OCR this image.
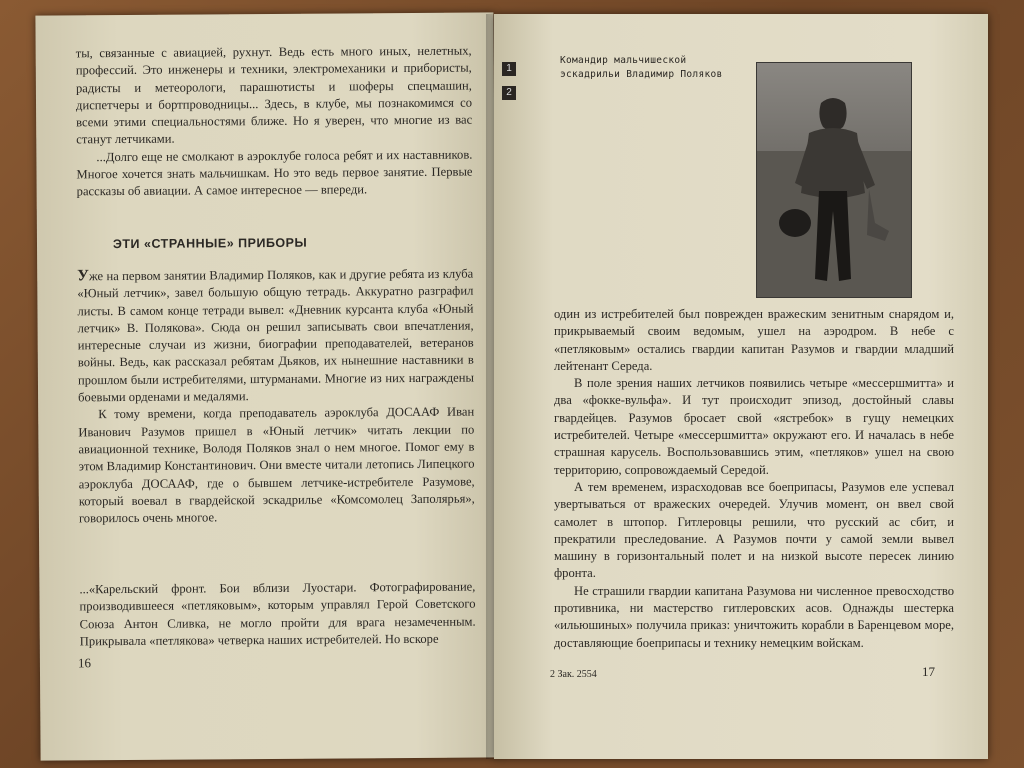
ты, связанные с авиацией, рухнут. Ведь есть много иных, нелетных, профессий. Это инженеры и техники, электромеханики и прибористы, радисты и метеорологи, парашютисты и шоферы спецмашин, диспетчеры и бортпроводницы... Здесь, в клубе, мы познакомимся со всеми этими специальностями ближе. Но я уверен, что многие из вас станут летчиками.

...Долго еще не смолкают в аэроклубе голоса ребят и их наставников. Многое хочется знать мальчишкам. Но это ведь первое занятие. Первые рассказы об авиации. А самое интересное — впереди.

ЭТИ «СТРАННЫЕ» ПРИБОРЫ

Уже на первом занятии Владимир Поляков, как и другие ребята из клуба «Юный летчик», завел большую общую тетрадь. Аккуратно разграфил листы. В самом конце тетради вывел: «Дневник курсанта клуба «Юный летчик» В. Полякова». Сюда он решил записывать свои впечатления, интересные случаи из жизни, биографии преподавателей, ветеранов войны. Ведь, как рассказал ребятам Дьяков, их нынешние наставники в прошлом были истребителями, штурманами. Многие из них награждены боевыми орденами и медалями.

К тому времени, когда преподаватель аэроклуба ДОСААФ Иван Иванович Разумов пришел в «Юный летчик» читать лекции по авиационной технике, Володя Поляков знал о нем многое. Помог ему в этом Владимир Константинович. Они вместе читали летопись Липецкого аэроклуба ДОСААФ, где о бывшем летчике-истребителе Разумове, который воевал в гвардейской эскадрилье «Комсомолец Заполярья», говорилось очень многое.

...«Карельский фронт. Бои вблизи Луостари. Фотографирование, производившееся «петляковым», которым управлял Герой Советского Союза Антон Сливка, не могло пройти для врага незамеченным. Прикрывала «петлякова» четверка наших истребителей. Но вскоре

16
1
2
Командир мальчишеской эскадрильи Владимир Поляков

один из истребителей был поврежден вражеским зенитным снарядом и, прикрываемый своим ведомым, ушел на аэродром. В небе с «петляковым» остались гвардии капитан Разумов и гвардии младший лейтенант Середа.

В поле зрения наших летчиков появились четыре «мессершмитта» и два «фокке-вульфа». И тут происходит эпизод, достойный славы гвардейцев. Разумов бросает свой «ястребок» в гущу немецких истребителей. Четыре «мессершмитта» окружают его. И началась в небе страшная карусель. Воспользовавшись этим, «петляков» ушел на свою территорию, сопровождаемый Середой.

А тем временем, израсходовав все боеприпасы, Разумов еле успевал увертываться от вражеских очередей. Улучив момент, он ввел свой самолет в штопор. Гитлеровцы решили, что русский ас сбит, и прекратили преследование. А Разумов почти у самой земли вывел машину в горизонтальный полет и на низкой высоте пересек линию фронта.

Не страшили гвардии капитана Разумова ни численное превосходство противника, ни мастерство гитлеровских асов. Однажды шестерка «ильюшиных» получила приказ: уничтожить корабли в Баренцевом море, доставляющие боеприпасы и технику немецким войскам.

2 Зак. 2554	17
